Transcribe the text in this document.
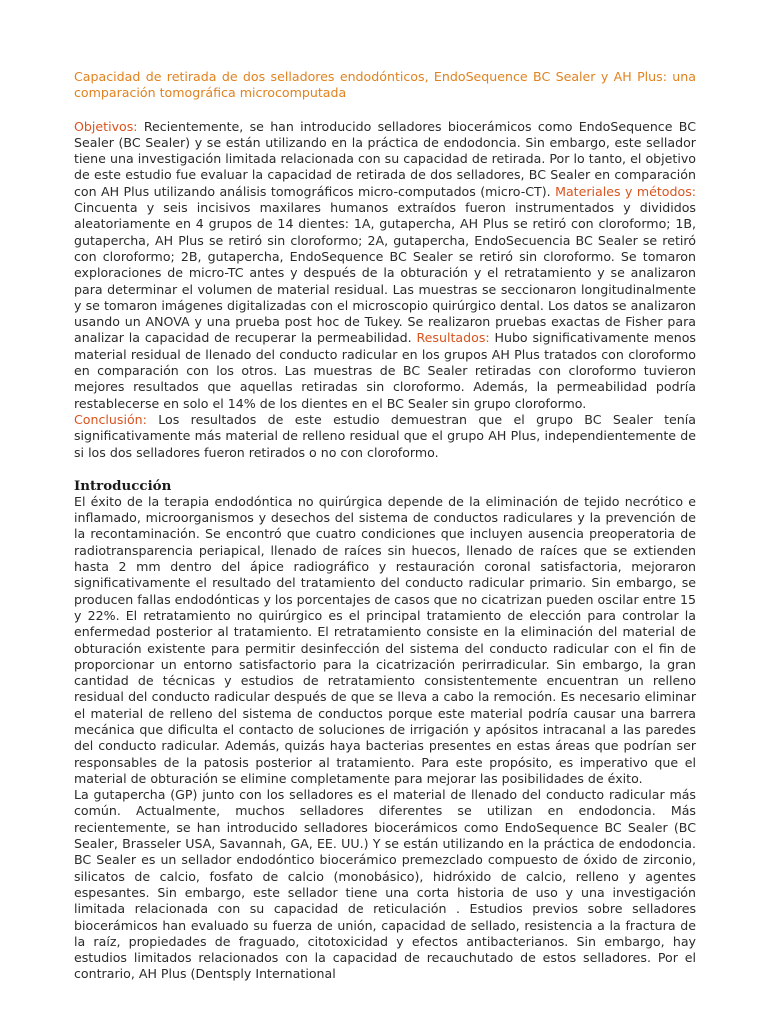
Capacidad de retirada de dos selladores endodónticos, EndoSequence BC Sealer y AH Plus: una comparación tomográfica microcomputada

Objetivos: Recientemente, se han introducido selladores biocerámicos como EndoSequence BC Sealer (BC Sealer) y se están utilizando en la práctica de endodoncia. Sin embargo, este sellador tiene una investigación limitada relacionada con su capacidad de retirada. Por lo tanto, el objetivo de este estudio fue evaluar la capacidad de retirada de dos selladores, BC Sealer en comparación con AH Plus utilizando análisis tomográficos micro-computados (micro-CT). Materiales y métodos: Cincuenta y seis incisivos maxilares humanos extraídos fueron instrumentados y divididos aleatoriamente en 4 grupos de 14 dientes: 1A, gutapercha, AH Plus se retiró con cloroformo; 1B, gutapercha, AH Plus se retiró sin cloroformo; 2A, gutapercha, EndoSecuencia BC Sealer se retiró con cloroformo; 2B, gutapercha, EndoSequence BC Sealer se retiró sin cloroformo. Se tomaron exploraciones de micro-TC antes y después de la obturación y el retratamiento y se analizaron para determinar el volumen de material residual. Las muestras se seccionaron longitudinalmente y se tomaron imágenes digitalizadas con el microscopio quirúrgico dental. Los datos se analizaron usando un ANOVA y una prueba post hoc de Tukey. Se realizaron pruebas exactas de Fisher para analizar la capacidad de recuperar la permeabilidad. Resultados: Hubo significativamente menos material residual de llenado del conducto radicular en los grupos AH Plus tratados con cloroformo en comparación con los otros. Las muestras de BC Sealer retiradas con cloroformo tuvieron mejores resultados que aquellas retiradas sin cloroformo. Además, la permeabilidad podría restablecerse en solo el 14% de los dientes en el BC Sealer sin grupo cloroformo.

Conclusión: Los resultados de este estudio demuestran que el grupo BC Sealer tenía significativamente más material de relleno residual que el grupo AH Plus, independientemente de si los dos selladores fueron retirados o no con cloroformo.

Introducción

El éxito de la terapia endodóntica no quirúrgica depende de la eliminación de tejido necrótico e inflamado, microorganismos y desechos del sistema de conductos radiculares y la prevención de la recontaminación. Se encontró que cuatro condiciones que incluyen ausencia preoperatoria de radiotransparencia periapical, llenado de raíces sin huecos, llenado de raíces que se extienden hasta 2 mm dentro del ápice radiográfico y restauración coronal satisfactoria, mejoraron significativamente el resultado del tratamiento del conducto radicular primario. Sin embargo, se producen fallas endodónticas y los porcentajes de casos que no cicatrizan pueden oscilar entre 15 y 22%. El retratamiento no quirúrgico es el principal tratamiento de elección para controlar la enfermedad posterior al tratamiento. El retratamiento consiste en la eliminación del material de obturación existente para permitir desinfección del sistema del conducto radicular con el fin de proporcionar un entorno satisfactorio para la cicatrización perirradicular. Sin embargo, la gran cantidad de técnicas y estudios de retratamiento consistentemente encuentran un relleno residual del conducto radicular después de que se lleva a cabo la remoción. Es necesario eliminar el material de relleno del sistema de conductos porque este material podría causar una barrera mecánica que dificulta el contacto de soluciones de irrigación y apósitos intracanal a las paredes del conducto radicular. Además, quizás haya bacterias presentes en estas áreas que podrían ser responsables de la patosis posterior al tratamiento. Para este propósito, es imperativo que el material de obturación se elimine completamente para mejorar las posibilidades de éxito.

La gutapercha (GP) junto con los selladores es el material de llenado del conducto radicular más común. Actualmente, muchos selladores diferentes se utilizan en endodoncia. Más recientemente, se han introducido selladores biocerámicos como EndoSequence BC Sealer (BC Sealer, Brasseler USA, Savannah, GA, EE. UU.) Y se están utilizando en la práctica de endodoncia. BC Sealer es un sellador endodóntico biocerámico premezclado compuesto de óxido de zirconio, silicatos de calcio, fosfato de calcio (monobásico), hidróxido de calcio, relleno y agentes espesantes. Sin embargo, este sellador tiene una corta historia de uso y una investigación limitada relacionada con su capacidad de reticulación . Estudios previos sobre selladores biocerámicos han evaluado su fuerza de unión, capacidad de sellado, resistencia a la fractura de la raíz, propiedades de fraguado, citotoxicidad y efectos antibacterianos. Sin embargo, hay estudios limitados relacionados con la capacidad de recauchutado de estos selladores. Por el contrario, AH Plus (Dentsply International
